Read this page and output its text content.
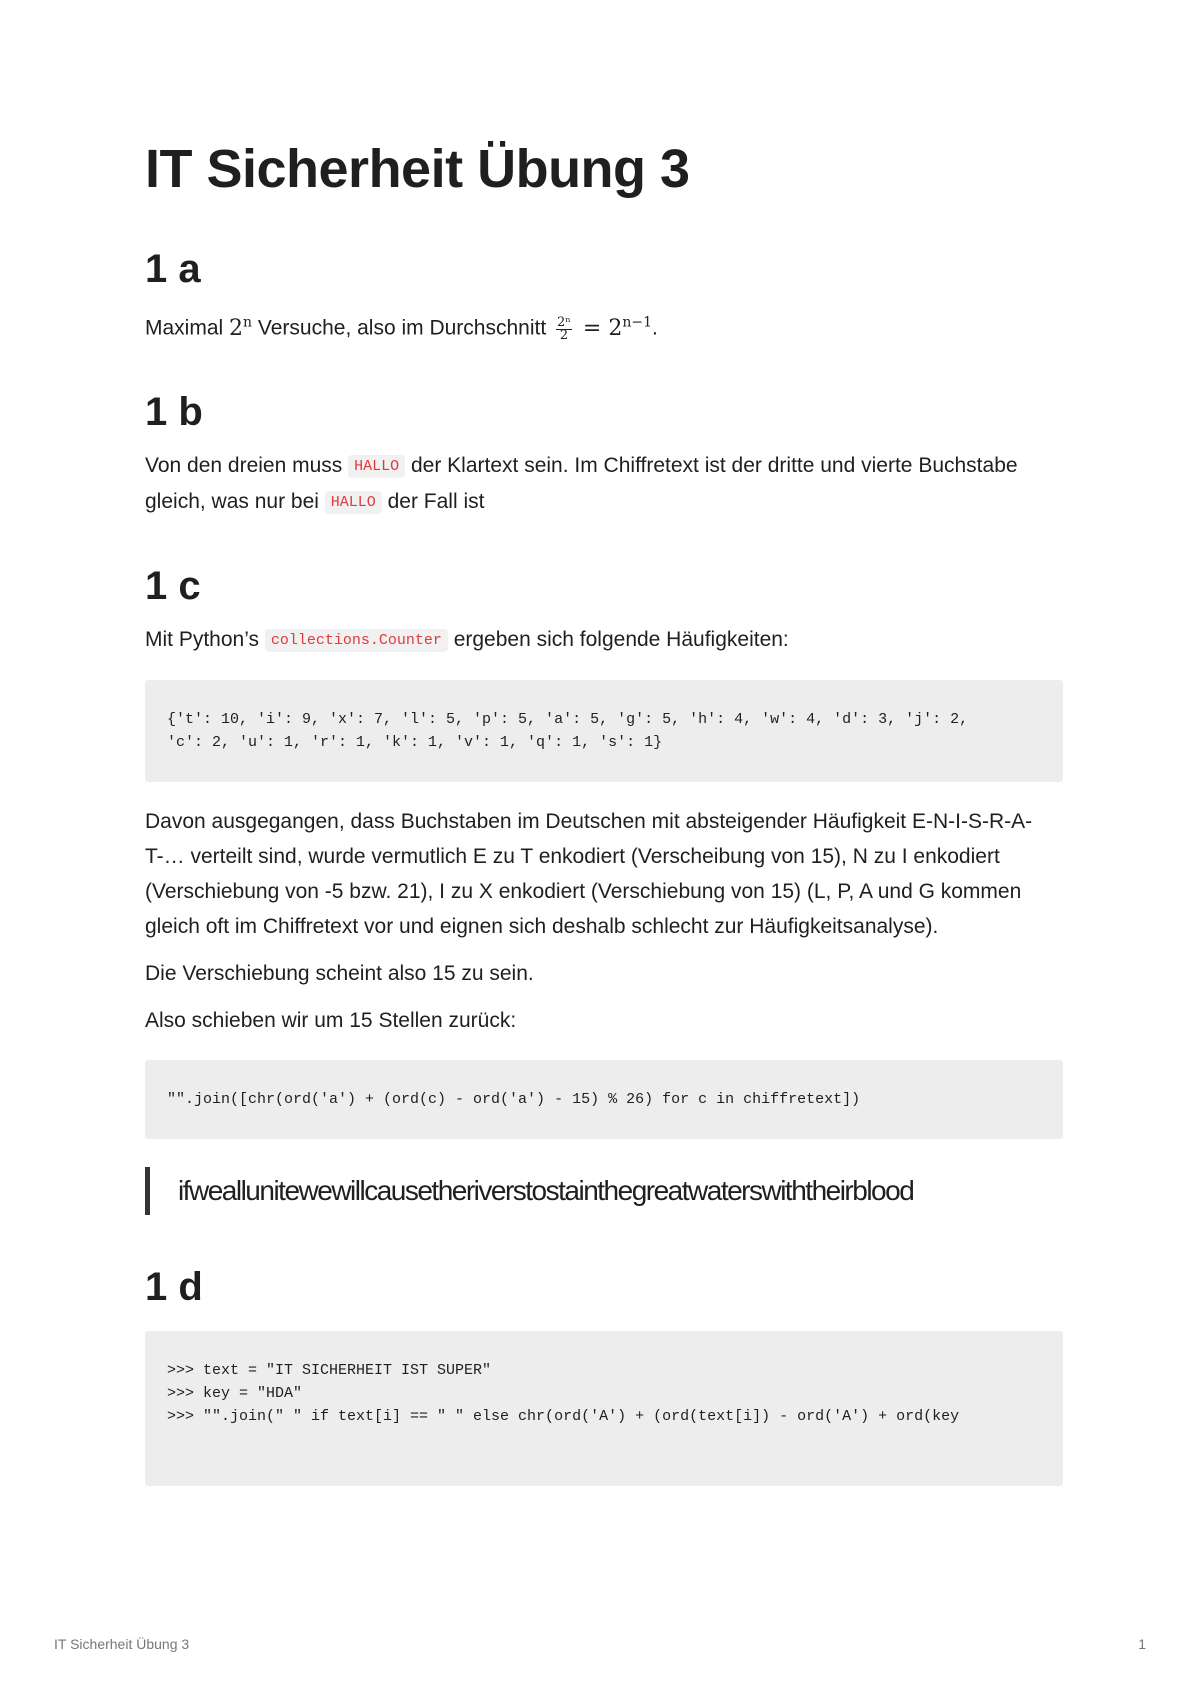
IT Sicherheit Übung 3
1 a

Maximal 2$^n$ Versuche, also im Durchschnitt $\frac{\text{2ⁿ}}{2} = 2^{n-1}$.

1 b

Von den dreien muss HALLO der Klartext sein. Im Chiffretext ist der dritte und vierte Buchstabe gleich, was nur bei HALLO der Fall ist

1 c

Mit Python’s collections.Counter ergeben sich folgende Häufigkeiten:

{'t': 10, 'i': 9, 'x': 7, 'l': 5, 'p': 5, 'a': 5, 'g': 5, 'h': 4, 'w': 4, 'd': 3, 'j': 2,
'c': 2, 'u': 1, 'r': 1, 'k': 1, 'v': 1, 'q': 1, 's': 1}

Davon ausgegangen, dass Buchstaben im Deutschen mit absteigender Häufigkeit E-N-I-S-R-A-T-… verteilt sind, wurde vermutlich E zu T enkodiert (Verscheibung von 15), N zu I enkodiert (Verschiebung von -5 bzw. 21), I zu X enkodiert (Verschiebung von 15) (L, P, A und G kommen gleich oft im Chiffretext vor und eignen sich deshalb schlecht zur Häufigkeitsanalyse).

Die Verschiebung scheint also 15 zu sein.

Also schieben wir um 15 Stellen zurück:

"".join([chr(ord('a') + (ord(c) - ord('a') - 15) % 26) for c in chiffretext])
ifweallunitewewillcausetheriverstostainthegreatwaterswiththeirblood
1 d
>>> text = "IT SICHERHEIT IST SUPER"
>>> key = "HDA"
>>> "".join(" " if text[i] == " " else chr(ord('A') + (ord(text[i]) - ord('A') + ord(key
IT Sicherheit Übung 3	1
